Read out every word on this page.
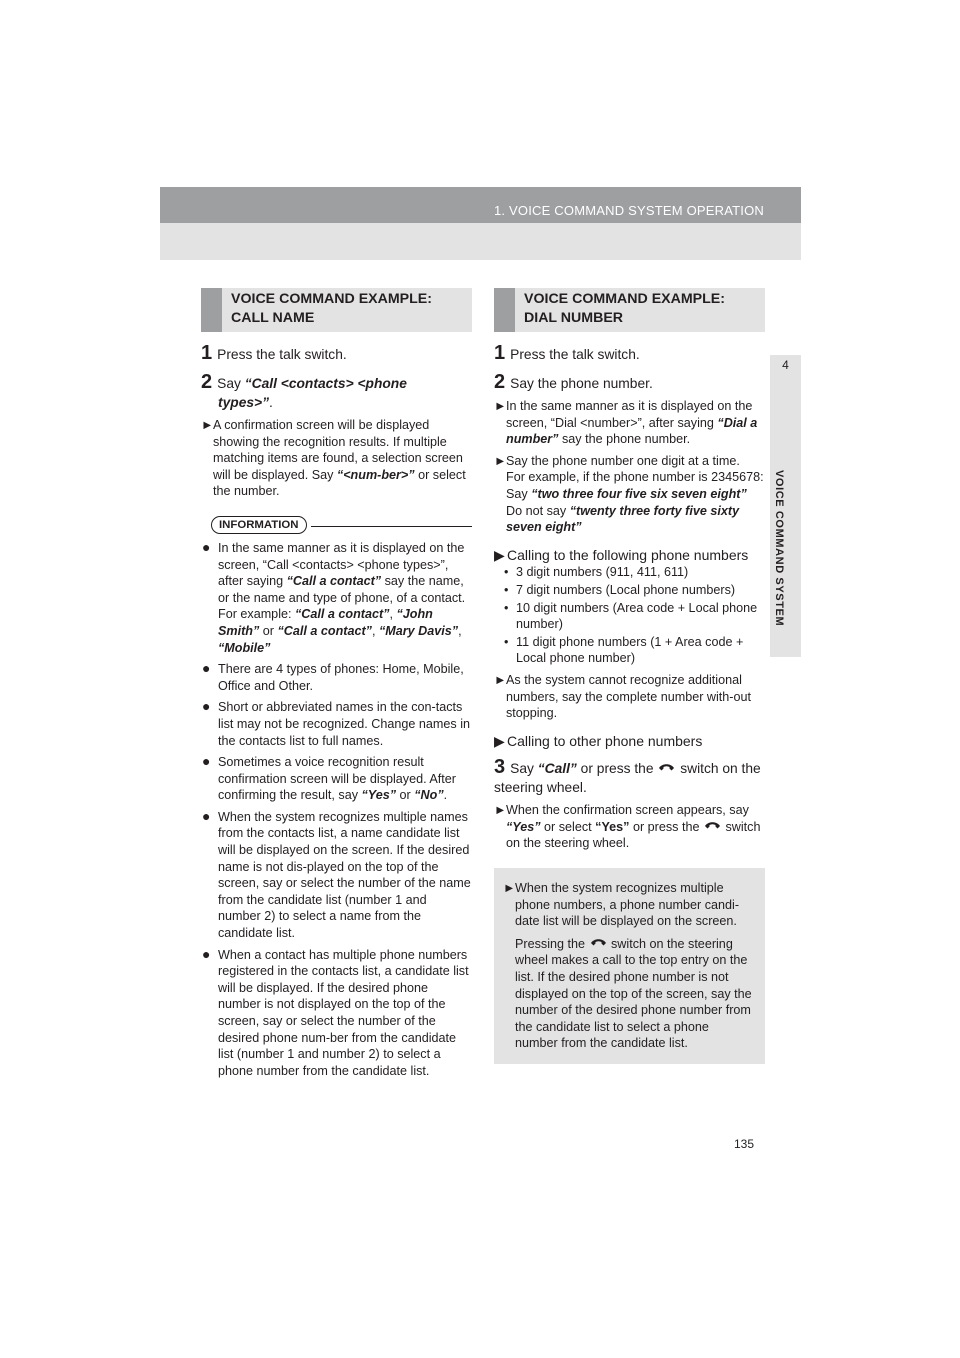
1. VOICE COMMAND SYSTEM OPERATION
4
VOICE COMMAND SYSTEM
135
VOICE COMMAND EXAMPLE:
CALL NAME
1 Press the talk switch.
2 Say “Call <contacts> <phone
types>”.
► A confirmation screen will be displayed showing the recognition results. If multiple matching items are found, a selection screen will be displayed. Say “<num-ber>” or select the number.
INFORMATION
● In the same manner as it is displayed on the screen, “Call <contacts> <phone types>”, after saying “Call a contact” say the name, or the name and type of phone, of a contact. For example: “Call a contact”, “John Smith” or “Call a contact”, “Mary Davis”, “Mobile”
● There are 4 types of phones: Home, Mobile, Office and Other.
● Short or abbreviated names in the con-tacts list may not be recognized. Change names in the contacts list to full names.
● Sometimes a voice recognition result confirmation screen will be displayed. After confirming the result, say “Yes” or “No”.
● When the system recognizes multiple names from the contacts list, a name candidate list will be displayed on the screen. If the desired name is not dis-played on the top of the screen, say or select the number of the name from the candidate list (number 1 and number 2) to select a name from the candidate list.
● When a contact has multiple phone numbers registered in the contacts list, a candidate list will be displayed. If the desired phone number is not displayed on the top of the screen, say or select the number of the desired phone num-ber from the candidate list (number 1 and number 2) to select a phone number from the candidate list.
VOICE COMMAND EXAMPLE:
DIAL NUMBER
1 Press the talk switch.
2 Say the phone number.
► In the same manner as it is displayed on the screen, “Dial <number>”, after saying “Dial a number” say the phone number.
► Say the phone number one digit at a time.
For example, if the phone number is 2345678:
Say “two three four five six seven eight”
Do not say “twenty three forty five sixty seven eight”
▶ Calling to the following phone numbers
• 3 digit numbers (911, 411, 611)
• 7 digit numbers (Local phone numbers)
• 10 digit numbers (Area code + Local phone number)
• 11 digit phone numbers (1 + Area code + Local phone number)
► As the system cannot recognize additional numbers, say the complete number with-out stopping.
▶ Calling to other phone numbers
3 Say “Call” or press the  switch on the steering wheel.
► When the confirmation screen appears, say “Yes” or select “Yes” or press the  switch on the steering wheel.
► When the system recognizes multiple phone numbers, a phone number candi-date list will be displayed on the screen.
Pressing the  switch on the steering wheel makes a call to the top entry on the list. If the desired phone number is not displayed on the top of the screen, say the number of the desired phone number from the candidate list to select a phone number from the candidate list.
